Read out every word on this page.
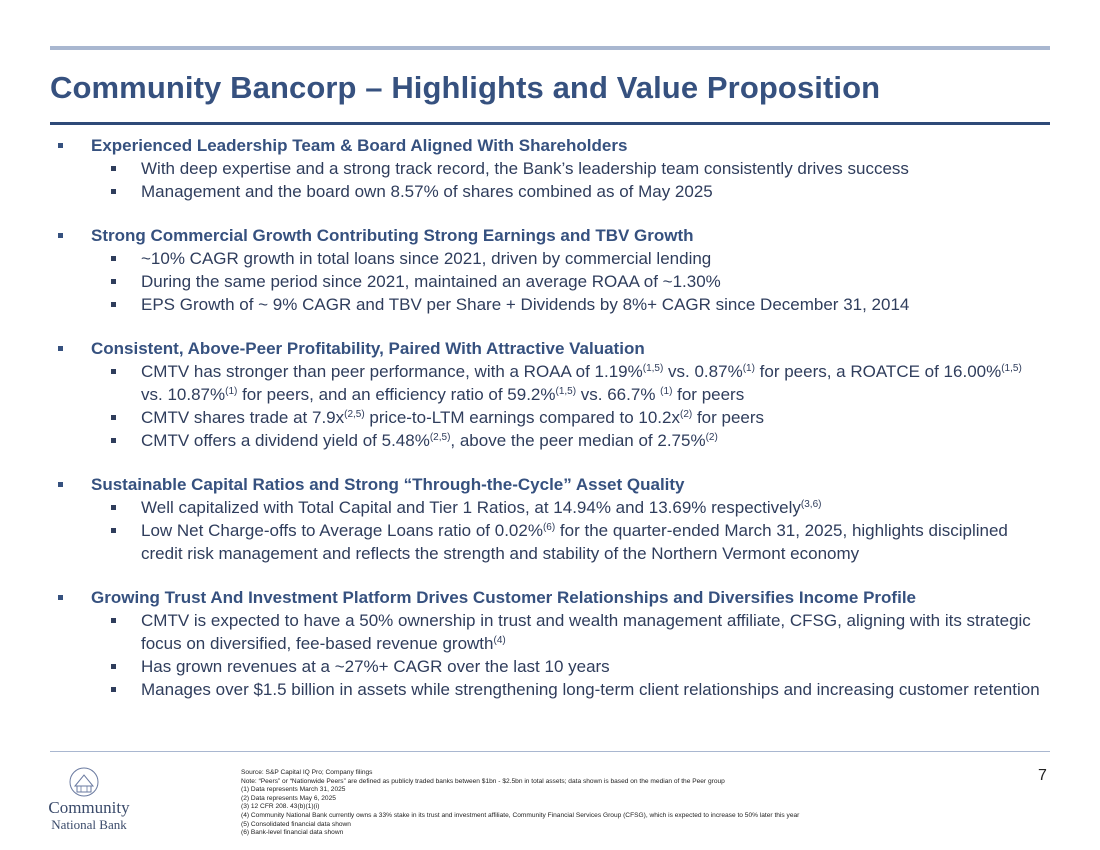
Community Bancorp – Highlights and Value Proposition
Experienced Leadership Team & Board Aligned With Shareholders
With deep expertise and a strong track record, the Bank’s leadership team consistently drives success
Management and the board own 8.57% of shares combined as of May 2025
Strong Commercial Growth Contributing Strong Earnings and TBV Growth
~10% CAGR growth in total loans since 2021, driven by commercial lending
During the same period since 2021, maintained an average ROAA of ~1.30%
EPS Growth of ~ 9% CAGR and TBV per Share + Dividends by 8%+ CAGR since December 31, 2014
Consistent, Above-Peer Profitability, Paired With Attractive Valuation
CMTV has stronger than peer performance, with a ROAA of 1.19%$^{(1,5)}$ vs. 0.87%$^{(1)}$ for peers, a ROATCE of 16.00%$^{(1,5)}$ vs. 10.87%$^{(1)}$ for peers, and an efficiency ratio of 59.2%$^{(1,5)}$ vs. 66.7% $^{(1)}$ for peers
CMTV shares trade at $7.9x^{(2,5)}$ price-to-LTM earnings compared to $10.2x^{(2)}$ for peers
CMTV offers a dividend yield of 5.48%$^{(2,5)}$, above the peer median of 2.75%$^{(2)}$
Sustainable Capital Ratios and Strong “Through-the-Cycle” Asset Quality
Well capitalized with Total Capital and Tier 1 Ratios, at 14.94% and 13.69% respectively$^{(3,6)}$
Low Net Charge-offs to Average Loans ratio of 0.02%$^{(6)}$ for the quarter-ended March 31, 2025, highlights disciplined credit risk management and reflects the strength and stability of the Northern Vermont economy
Growing Trust And Investment Platform Drives Customer Relationships and Diversifies Income Profile
CMTV is expected to have a 50% ownership in trust and wealth management affiliate, CFSG, aligning with its strategic focus on diversified, fee-based revenue growth$^{(4)}$
Has grown revenues at a ~27%+ CAGR over the last 10 years
Manages over $1.5 billion in assets while strengthening long-term client relationships and increasing customer retention
Community
National Bank
Source: S&P Capital IQ Pro; Company filings
Note: “Peers” or “Nationwide Peers” are defined as publicly traded banks between $1bn - $2.5bn in total assets; data shown is based on the median of the Peer group
(1) Data represents March 31, 2025
(2) Data represents May 6, 2025
(3) 12 CFR 208. 43(b)(1)(i)
(4) Community National Bank currently owns a 33% stake in its trust and investment affiliate, Community Financial Services Group (CFSG), which is expected to increase to 50% later this year
(5) Consolidated financial data shown
(6) Bank-level financial data shown
7
